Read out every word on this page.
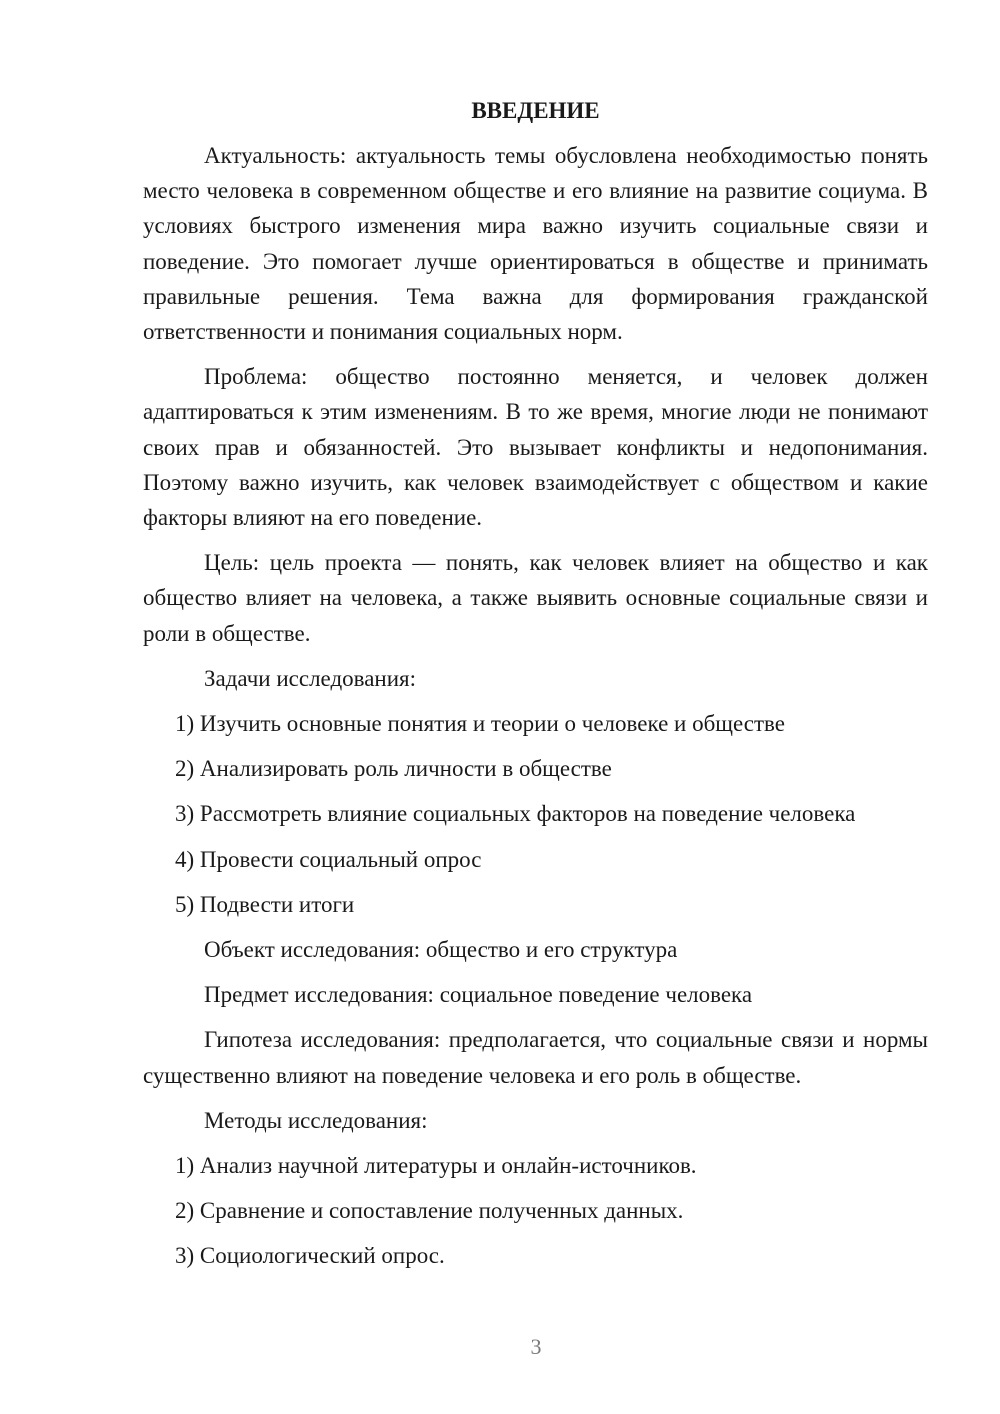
ВВЕДЕНИЕ

Актуальность: актуальность темы обусловлена необходимостью понять место человека в современном обществе и его влияние на развитие социума. В условиях быстрого изменения мира важно изучить социальные связи и поведение. Это помогает лучше ориентироваться в обществе и принимать правильные решения. Тема важна для формирования гражданской ответственности и понимания социальных норм.

Проблема: общество постоянно меняется, и человек должен адаптироваться к этим изменениям. В то же время, многие люди не понимают своих прав и обязанностей. Это вызывает конфликты и недопонимания. Поэтому важно изучить, как человек взаимодействует с обществом и какие факторы влияют на его поведение.

Цель: цель проекта — понять, как человек влияет на общество и как общество влияет на человека, а также выявить основные социальные связи и роли в обществе.

Задачи исследования:
1) Изучить основные понятия и теории о человеке и обществе
2) Анализировать роль личности в обществе
3) Рассмотреть влияние социальных факторов на поведение человека
4) Провести социальный опрос
5) Подвести итоги
Объект исследования: общество и его структура
Предмет исследования: социальное поведение человека

Гипотеза исследования: предполагается, что социальные связи и нормы существенно влияют на поведение человека и его роль в обществе.

Методы исследования:
1) Анализ научной литературы и онлайн-источников.
2) Сравнение и сопоставление полученных данных.
3) Социологический опрос.
3
